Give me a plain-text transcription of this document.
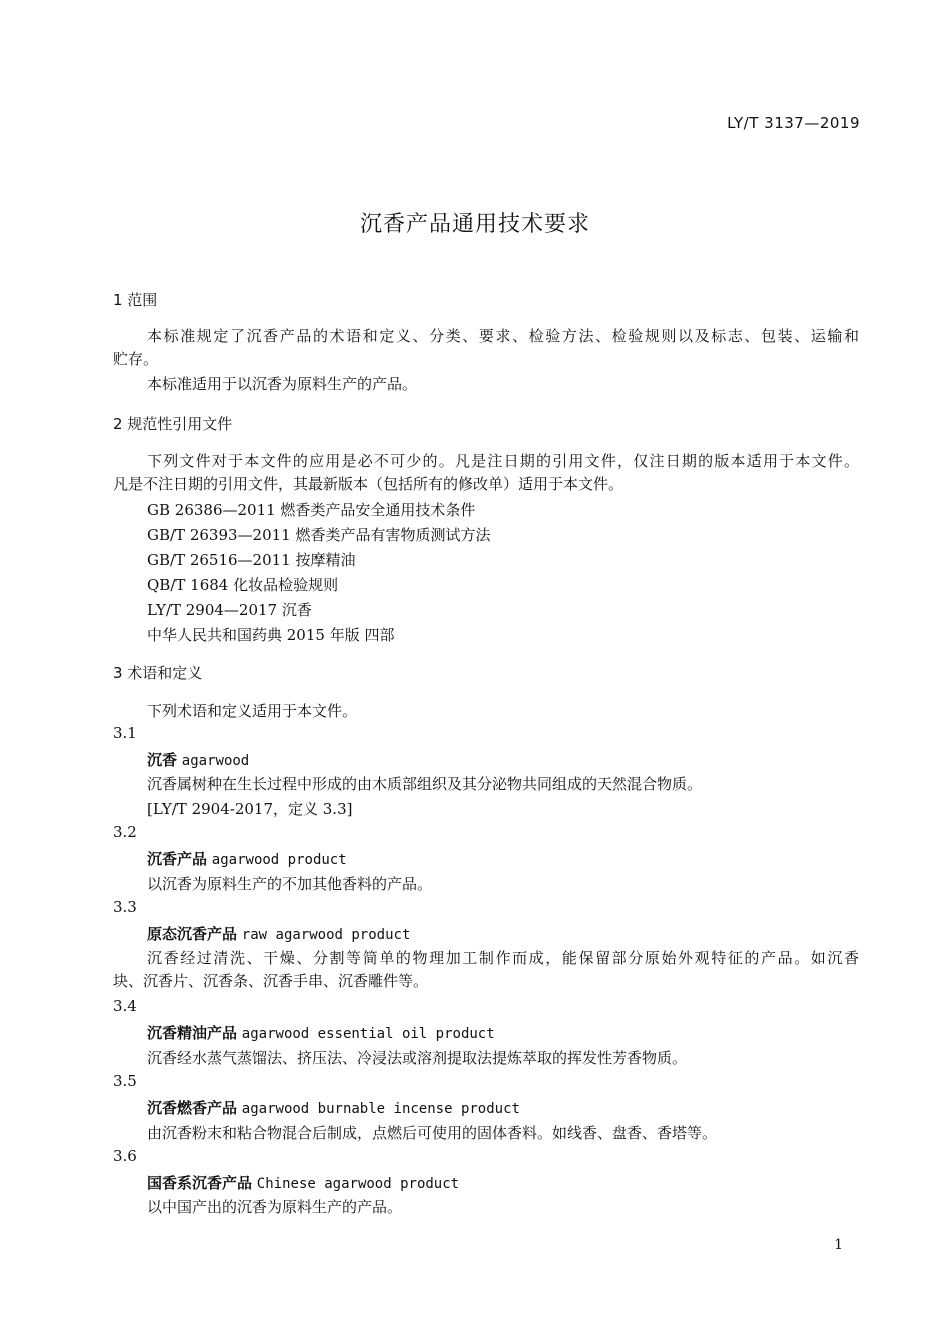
LY/T 3137—2019
沉香产品通用技术要求
1 范围
本标准规定了沉香产品的术语和定义、分类、要求、检验方法、检验规则以及标志、包装、运输和
贮存。
本标准适用于以沉香为原料生产的产品。
2 规范性引用文件
下列文件对于本文件的应用是必不可少的。凡是注日期的引用文件，仅注日期的版本适用于本文件。
凡是不注日期的引用文件，其最新版本（包括所有的修改单）适用于本文件。
GB 26386—2011 燃香类产品安全通用技术条件
GB/T 26393—2011 燃香类产品有害物质测试方法
GB/T 26516—2011 按摩精油
QB/T 1684 化妆品检验规则
LY/T 2904—2017 沉香
中华人民共和国药典 2015 年版 四部
3 术语和定义
下列术语和定义适用于本文件。
3.1
沉香 agarwood
沉香属树种在生长过程中形成的由木质部组织及其分泌物共同组成的天然混合物质。
[LY/T 2904-2017，定义 3.3]
3.2
沉香产品 agarwood product
以沉香为原料生产的不加其他香料的产品。
3.3
原态沉香产品 raw agarwood product
沉香经过清洗、干燥、分割等简单的物理加工制作而成，能保留部分原始外观特征的产品。如沉香
块、沉香片、沉香条、沉香手串、沉香雕件等。
3.4
沉香精油产品 agarwood essential oil product
沉香经水蒸气蒸馏法、挤压法、冷浸法或溶剂提取法提炼萃取的挥发性芳香物质。
3.5
沉香燃香产品 agarwood burnable incense product
由沉香粉末和粘合物混合后制成，点燃后可使用的固体香料。如线香、盘香、香塔等。
3.6
国香系沉香产品 Chinese agarwood product
以中国产出的沉香为原料生产的产品。
1
